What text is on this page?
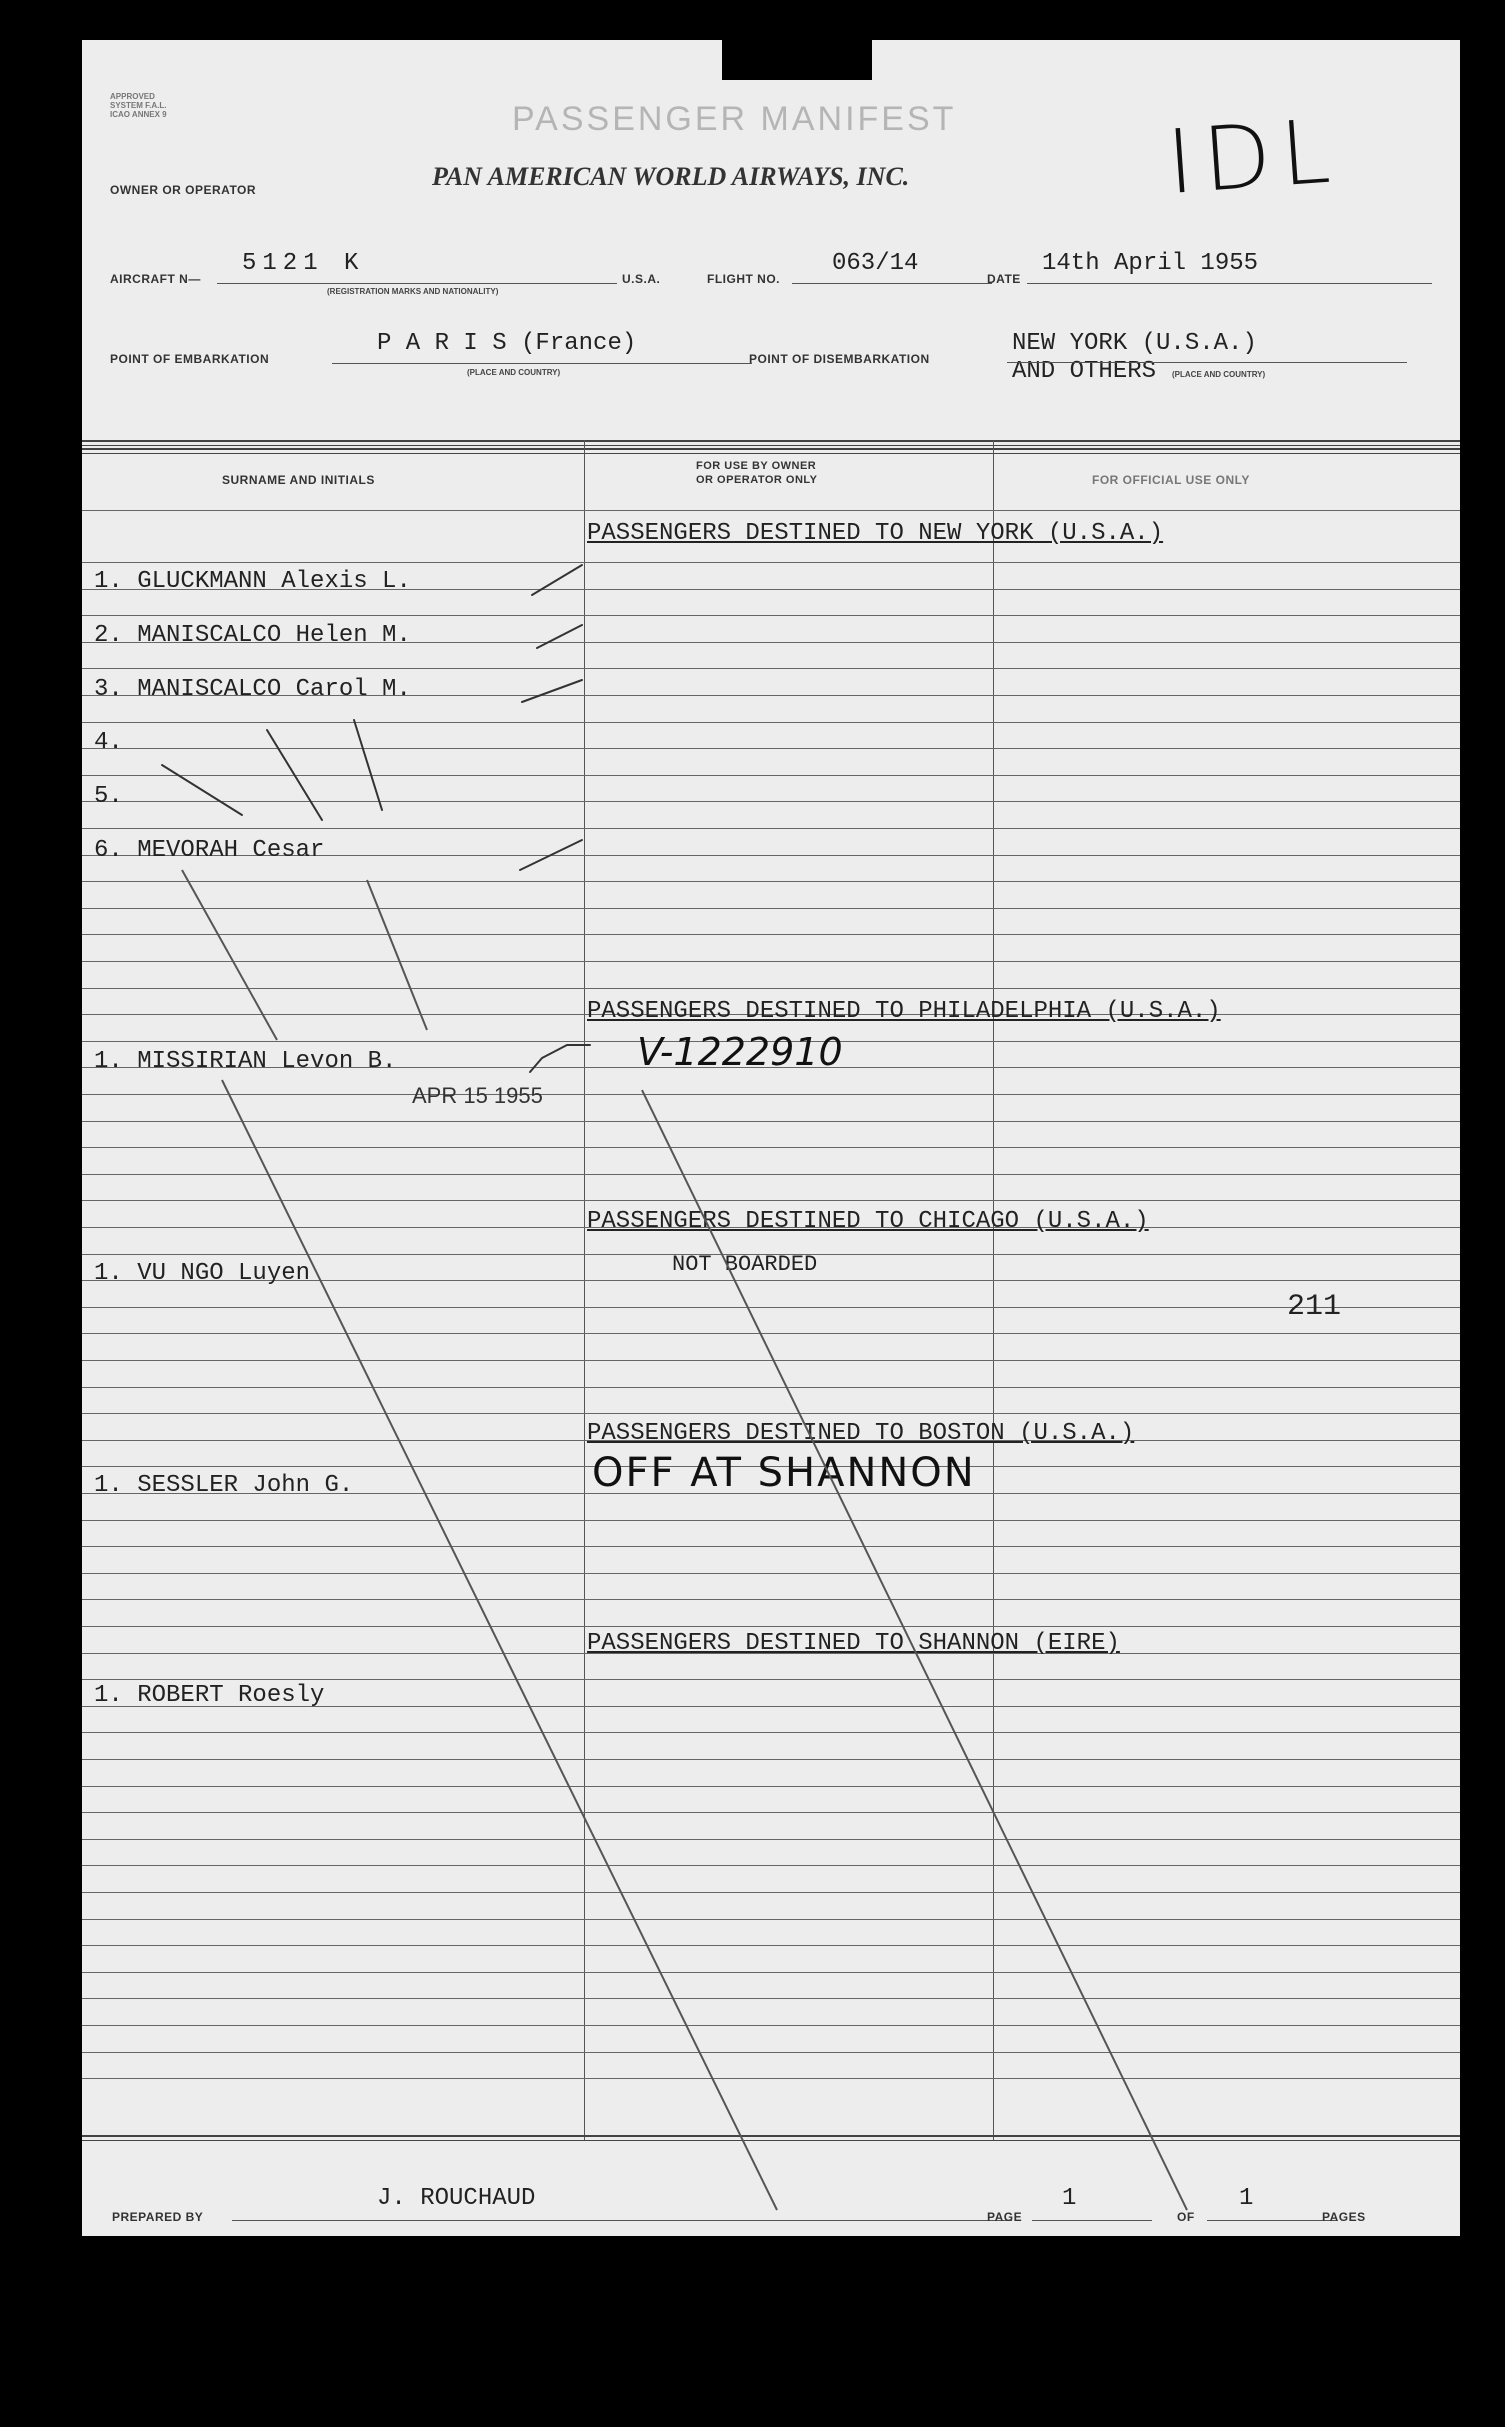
APPROVED
SYSTEM F.A.L.
ICAO ANNEX 9	PASSENGER MANIFEST
OWNER OR OPERATOR	PAN AMERICAN WORLD AIRWAYS, INC.	IDL
AIRCRAFT N—
5121 K
(REGISTRATION MARKS AND NATIONALITY)
U.S.A.	FLIGHT NO.
063/14
DATE
14th April 1955
POINT OF EMBARKATION
P A R I S (France)
(PLACE AND COUNTRY)
POINT OF DISEMBARKATION
NEW YORK (U.S.A.)
AND OTHERS (PLACE AND COUNTRY)
SURNAME AND INITIALS
FOR USE BY OWNER
OR OPERATOR ONLY	FOR OFFICIAL USE ONLY
PASSENGERS DESTINED TO NEW YORK (U.S.A.)
1. GLUCKMANN Alexis L.
2. MANISCALCO Helen M.
3. MANISCALCO Carol M.
4.
5.
6. MEVORAH Cesar
PASSENGERS DESTINED TO PHILADELPHIA (U.S.A.)
1. MISSIRIAN Levon B.
APR 15 1955
V-1222910
PASSENGERS DESTINED TO CHICAGO (U.S.A.)
1. VU NGO Luyen	NOT BOARDED
211
PASSENGERS DESTINED TO BOSTON (U.S.A.)
1. SESSLER John G.	OFF AT SHANNON
PASSENGERS DESTINED TO SHANNON (EIRE)
1. ROBERT Roesly
PREPARED BY
J. ROUCHAUD
PAGE
1
OF
1
PAGES
